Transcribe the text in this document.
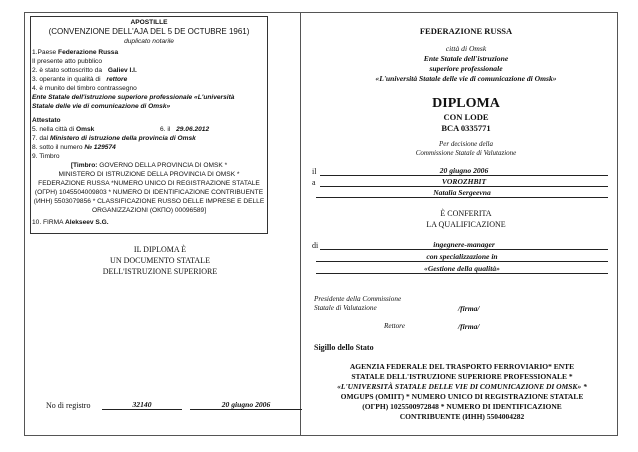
APOSTILLE
(CONVENZIONE DELL'AJA DEL 5 DE OCTUBRE 1961)
duplicato notarile
1.Paese Federazione Russa
Il presente atto pubblico
2. è stato sottoscritto da Galiev I.I.
3. operante in qualità di rettore
4. è munito del timbro contrassegno
Ente Statale dell'istruzione superiore professionale «L'università
Statale delle vie di comunicazione di Omsk»
Attestato
5. nella città di Omsk	6. il 29.06.2012
7. dal Ministero di istruzione della provincia di Omsk
8. sotto il numero № 129574
9. Timbro
[Timbro: GOVERNO DELLA PROVINCIA DI OMSK *
MINISTERO DI ISTRUZIONE DELLA PROVINCIA DI OMSK *
FEDERAZIONE RUSSA *NUMERO UNICO DI REGISTRAZIONE STATALE
(ОГРН) 1045504009803 * NUMERO DI IDENTIFICAZIONE CONTRIBUENTE
(ИНН) 5503079856 * CLASSIFICAZIONE RUSSO DELLE IMPRESE E DELLE
ORGANIZZAZIONI (ОКПО) 00096589]
10. FIRMA Alekseev S.G.
IL DIPLOMA È
UN DOCUMENTO STATALE
DELL'ISTRUZIONE SUPERIORE
No di registro	32140	20 giugno 2006
FEDERAZIONE RUSSA
città di Omsk
Ente Statale dell'istruzione
superiore professionale
«L'università Statale delle vie di comunicazione di Omsk»
DIPLOMA
CON LODE
BCA 0335771
Per decisione della
Commissione Statale di Valutazione
il	20 giugno 2006
a	VOROZHBIT
Natalia Sergeevna
È CONFERITA
LA QUALIFICAZIONE
di	ingegnere-manager
con specializzazione in
«Gestione della qualità»
Presidente della Commissione
Statale di Valutazione	/firma/
Rettore	/firma/
Sigillo dello Stato
AGENZIA FEDERALE DEL TRASPORTO FERROVIARIO* ENTE
STATALE DELL'ISTRUZIONE SUPERIORE PROFESSIONALE *
«L'UNIVERSITÀ STATALE DELLE VIE DI COMUNICAZIONE DI OMSK» *
OMGUPS (OMIIT) * NUMERO UNICO DI REGISTRAZIONE STATALE
(ОГРН) 1025500972848 * NUMERO DI IDENTIFICAZIONE
CONTRIBUENTE (ИНН) 5504004282
